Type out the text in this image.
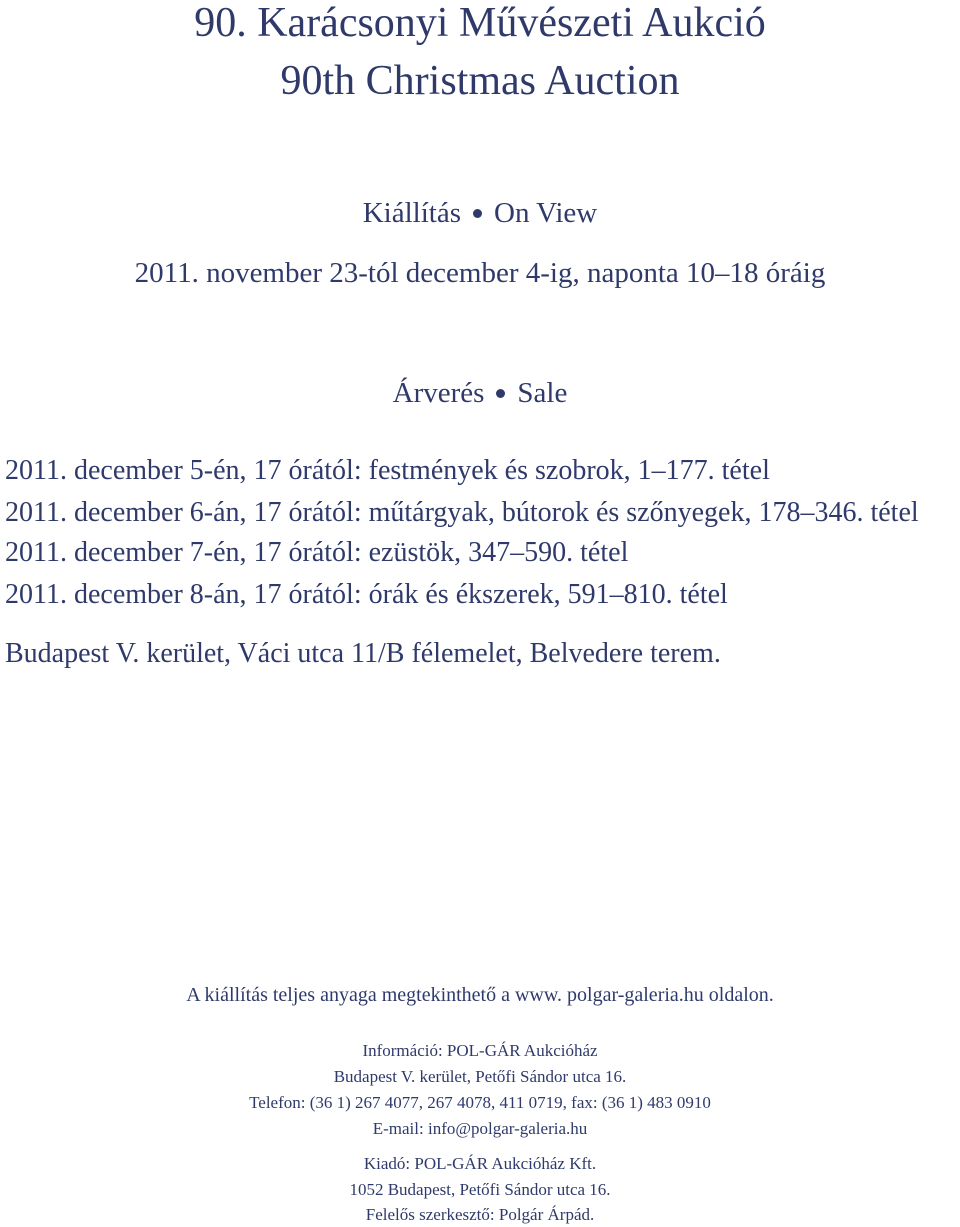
90. Karácsonyi Művészeti Aukció
90th Christmas Auction
Kiállítás On View
2011. november 23-tól december 4-ig, naponta 10–18 óráig
Árverés Sale
2011. december 5-én, 17 órától: festmények és szobrok, 1–177. tétel
2011. december 6-án, 17 órától: műtárgyak, bútorok és szőnyegek, 178–346. tétel
2011. december 7-én, 17 órától: ezüstök, 347–590. tétel
2011. december 8-án, 17 órától: órák és ékszerek, 591–810. tétel
Budapest V. kerület, Váci utca 11/B félemelet, Belvedere terem.
A kiállítás teljes anyaga megtekinthető a www. polgar-galeria.hu oldalon.
Információ: POL-GÁR Aukcióház
Budapest V. kerület, Petőfi Sándor utca 16.
Telefon: (36 1) 267 4077, 267 4078, 411 0719, fax: (36 1) 483 0910
E-mail: info@polgar-galeria.hu
Kiadó: POL-GÁR Aukcióház Kft.
1052 Budapest, Petőfi Sándor utca 16.
Felelős szerkesztő: Polgár Árpád.
